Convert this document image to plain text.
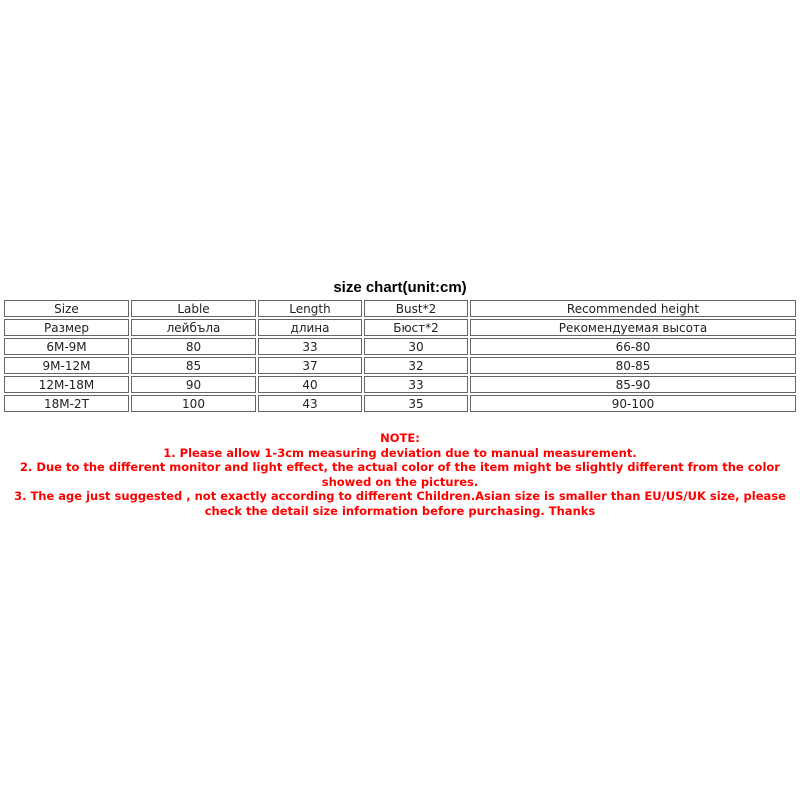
size chart(unit:cm)
Size	Lable	Length	Bust*2	Recommended height
Размер	лейбъла	длина	Бюст*2	Рекомендуемая высота
6M-9M	80	33	30	66-80
9M-12M	85	37	32	80-85
12M-18M	90	40	33	85-90
18M-2T	100	43	35	90-100
NOTE:
1. Please allow 1-3cm measuring deviation due to manual measurement.
2. Due to the different monitor and light effect, the actual color of the item might be slightly different from the color showed on the pictures.
3. The age just suggested , not exactly according to different Children.Asian size is smaller than EU/US/UK size, please check the detail size information before purchasing. Thanks
